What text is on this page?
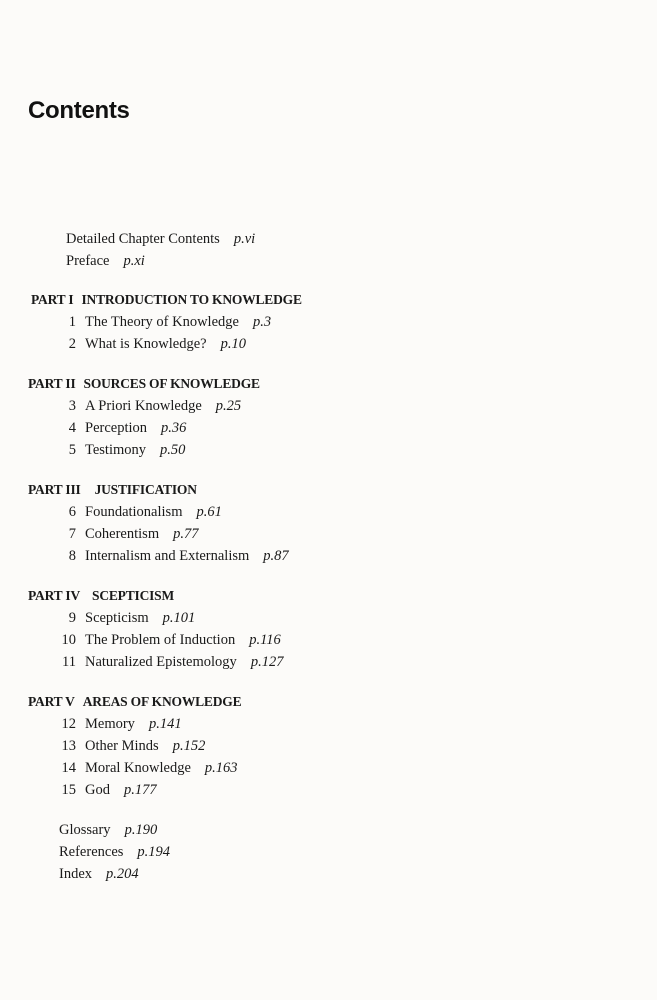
Contents
Detailed Chapter Contents p.vi
Preface p.xi
PART I INTRODUCTION TO KNOWLEDGE
1 The Theory of Knowledge p.3
2 What is Knowledge? p.10
PART II SOURCES OF KNOWLEDGE
3 A Priori Knowledge p.25
4 Perception p.36
5 Testimony p.50
PART III JUSTIFICATION
6 Foundationalism p.61
7 Coherentism p.77
8 Internalism and Externalism p.87
PART IV SCEPTICISM
9 Scepticism p.101
10 The Problem of Induction p.116
11 Naturalized Epistemology p.127
PART V AREAS OF KNOWLEDGE
12 Memory p.141
13 Other Minds p.152
14 Moral Knowledge p.163
15 God p.177
Glossary p.190
References p.194
Index p.204
